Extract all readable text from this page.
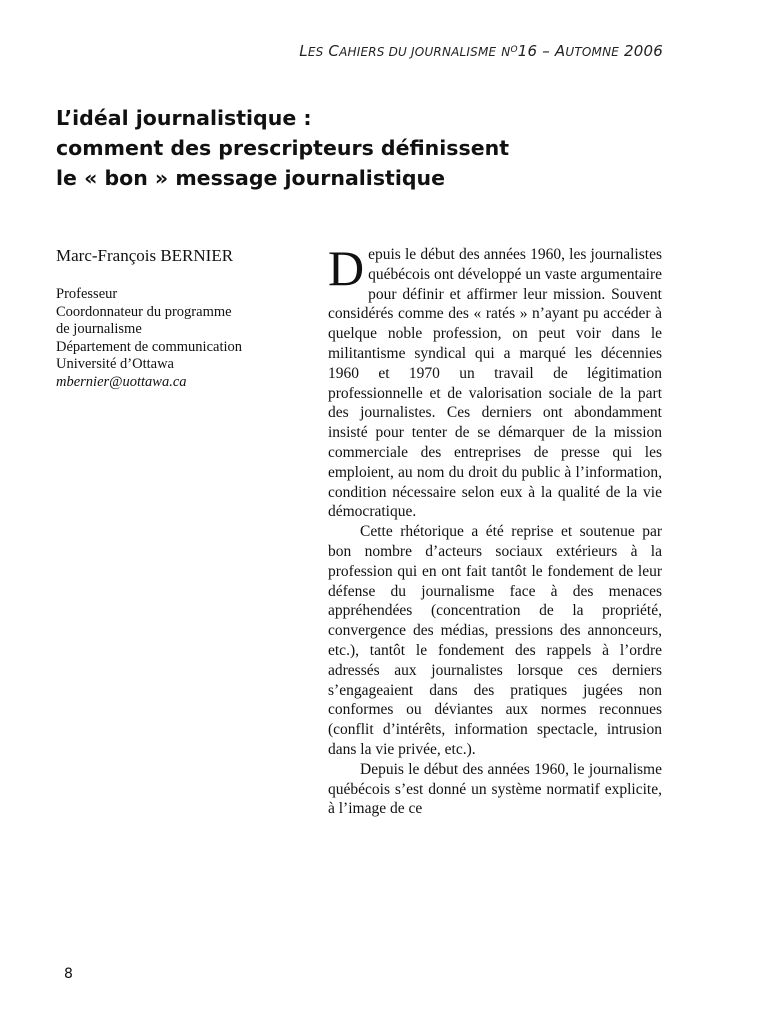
LES CAHIERS DU JOURNALISME $N^O16$ – AUTOMNE 2006
L’idéal journalistique :
comment des prescripteurs définissent
le « bon » message journalistique
Marc-François BERNIER
Professeur
Coordonnateur du programme
de journalisme
Département de communication
Université d’Ottawa
mbernier@uottawa.ca

Depuis le début des années 1960, les journalistes québécois ont développé un vaste argumentaire pour définir et affirmer leur mission. Souvent considérés comme des « ratés » n’ayant pu accéder à quelque noble profession, on peut voir dans le militantisme syndical qui a marqué les décennies 1960 et 1970 un travail de légitimation professionnelle et de valorisation sociale de la part des journalistes. Ces derniers ont abondamment insisté pour tenter de se démarquer de la mission commerciale des entreprises de presse qui les emploient, au nom du droit du public à l’information, condition nécessaire selon eux à la qualité de la vie démocratique.

Cette rhétorique a été reprise et soutenue par bon nombre d’acteurs sociaux extérieurs à la profession qui en ont fait tantôt le fondement de leur défense du journalisme face à des menaces appréhendées (concentration de la propriété, convergence des médias, pressions des annonceurs, etc.), tantôt le fondement des rappels à l’ordre adressés aux journalistes lorsque ces derniers s’engageaient dans des pratiques jugées non conformes ou déviantes aux normes reconnues (conflit d’intérêts, information spectacle, intrusion dans la vie privée, etc.).

Depuis le début des années 1960, le journalisme québécois s’est donné un système normatif explicite, à l’image de ce

8
